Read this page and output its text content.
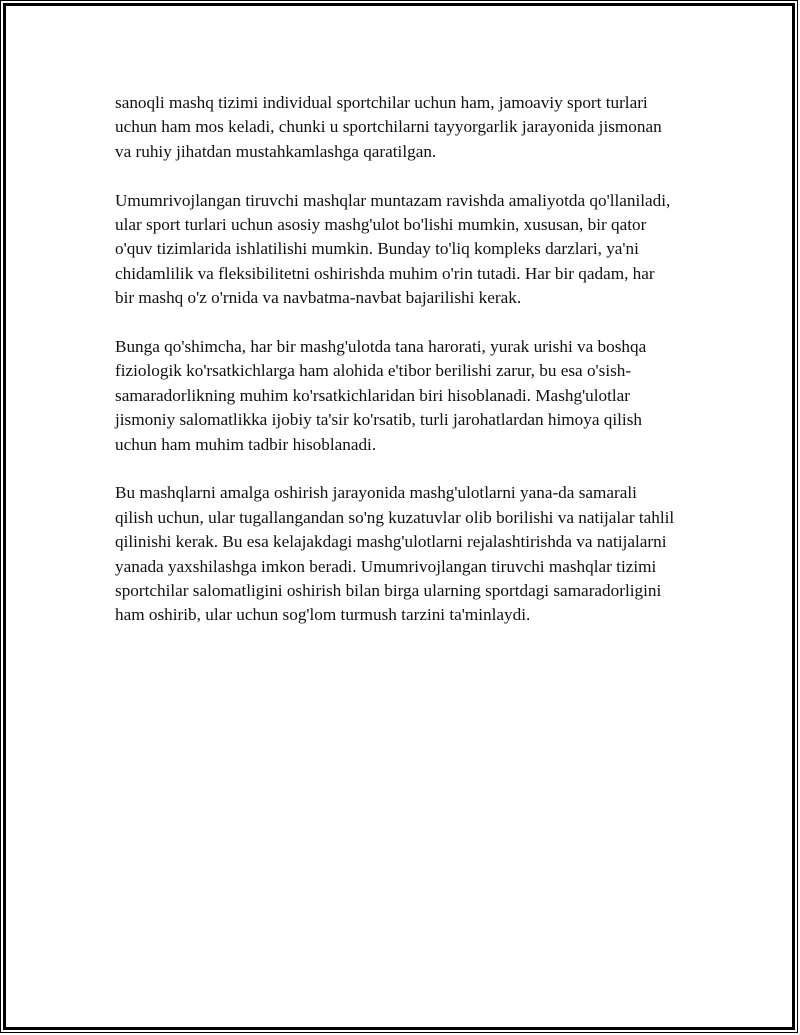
sanoqli mashq tizimi individual sportchilar uchun ham, jamoaviy sport turlari uchun ham mos keladi, chunki u sportchilarni tayyorgarlik jarayonida jismonan va ruhiy jihatdan mustahkamlashga qaratilgan.

Umumrivojlangan tiruvchi mashqlar muntazam ravishda amaliyotda qo'llaniladi, ular sport turlari uchun asosiy mashg'ulot bo'lishi mumkin, xususan, bir qator o'quv tizimlarida ishlatilishi mumkin. Bunday to'liq kompleks darzlari, ya'ni chidamlilik va fleksibilitetni oshirishda muhim o'rin tutadi. Har bir qadam, har bir mashq o'z o'rnida va navbatma-navbat bajarilishi kerak.

Bunga qo'shimcha, har bir mashg'ulotda tana harorati, yurak urishi va boshqa fiziologik ko'rsatkichlarga ham alohida e'tibor berilishi zarur, bu esa o'sish-samaradorlikning muhim ko'rsatkichlaridan biri hisoblanadi. Mashg'ulotlar jismoniy salomatlikka ijobiy ta'sir ko'rsatib, turli jarohatlardan himoya qilish uchun ham muhim tadbir hisoblanadi.

Bu mashqlarni amalga oshirish jarayonida mashg'ulotlarni yana-da samarali qilish uchun, ular tugallangandan so'ng kuzatuvlar olib borilishi va natijalar tahlil qilinishi kerak. Bu esa kelajakdagi mashg'ulotlarni rejalashtirishda va natijalarni yanada yaxshilashga imkon beradi. Umumrivojlangan tiruvchi mashqlar tizimi sportchilar salomatligini oshirish bilan birga ularning sportdagi samaradorligini ham oshirib, ular uchun sog'lom turmush tarzini ta'minlaydi.
